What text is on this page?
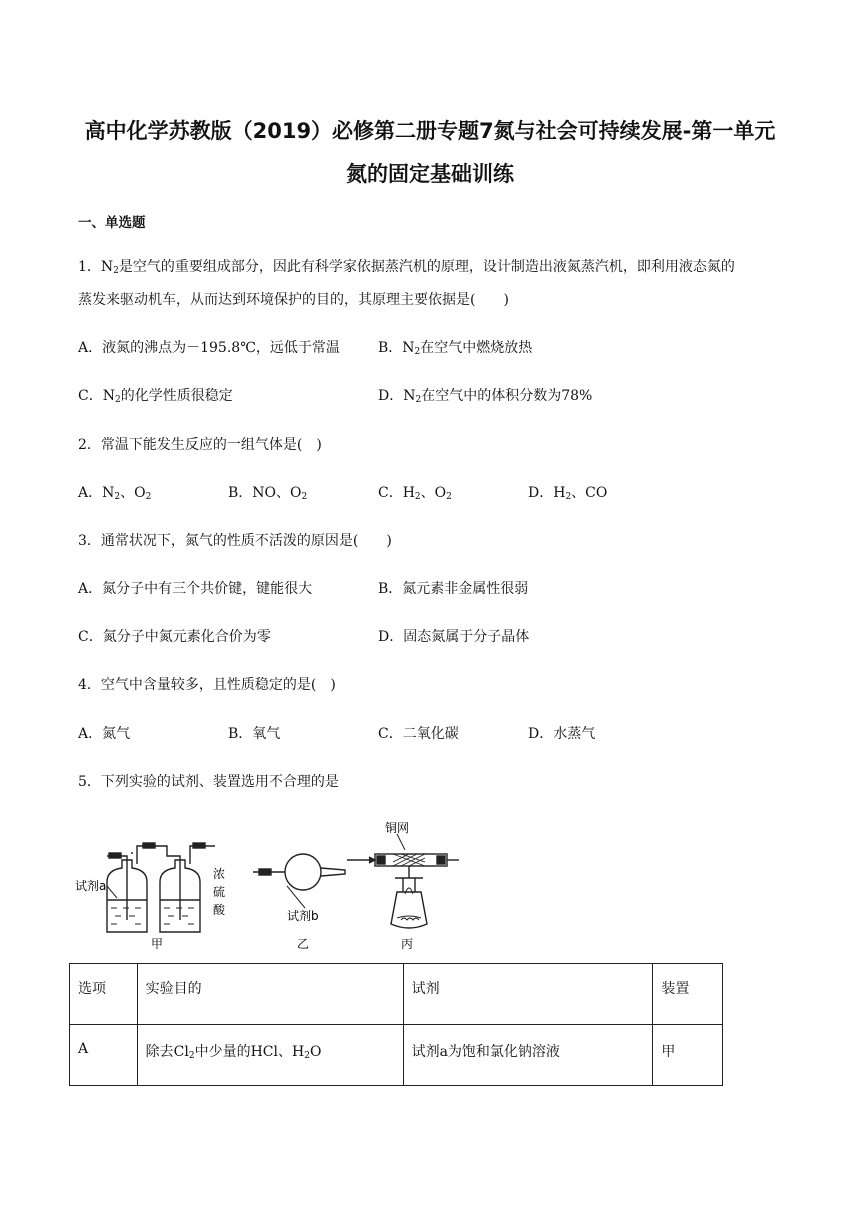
高中化学苏教版（2019）必修第二册专题7氮与社会可持续发展-第一单元
氮的固定基础训练
一、单选题
1．$N_2$是空气的重要组成部分，因此有科学家依据蒸汽机的原理，设计制造出液氮蒸汽机，即利用液态氮的
蒸发来驱动机车，从而达到环境保护的目的，其原理主要依据是(　　)
A．液氮的沸点为－195.8℃，远低于常温	B．$N_2$在空气中燃烧放热
C．$N_2$的化学性质很稳定	D．$N_2$在空气中的体积分数为78%
2．常温下能发生反应的一组气体是(　)
A．$N_2$、$O_2$	B．NO、$O_2$	C．$H_2$、$O_2$	D．$H_2$、CO
3．通常状况下，氮气的性质不活泼的原因是(　　)
A．氮分子中有三个共价键，键能很大	B．氮元素非金属性很弱
C．氮分子中氮元素化合价为零	D．固态氮属于分子晶体
4．空气中含量较多，且性质稳定的是(　)
A．氮气	B．氧气	C．二氧化碳	D．水蒸气
5．下列实验的试剂、装置选用不合理的是
试剂a
浓
硫
酸
甲
试剂b
乙
铜网
丙
选项	实验目的	试剂	装置
A	除去$Cl_2$中少量的HCl、$H_2O$	试剂a为饱和氯化钠溶液	甲
